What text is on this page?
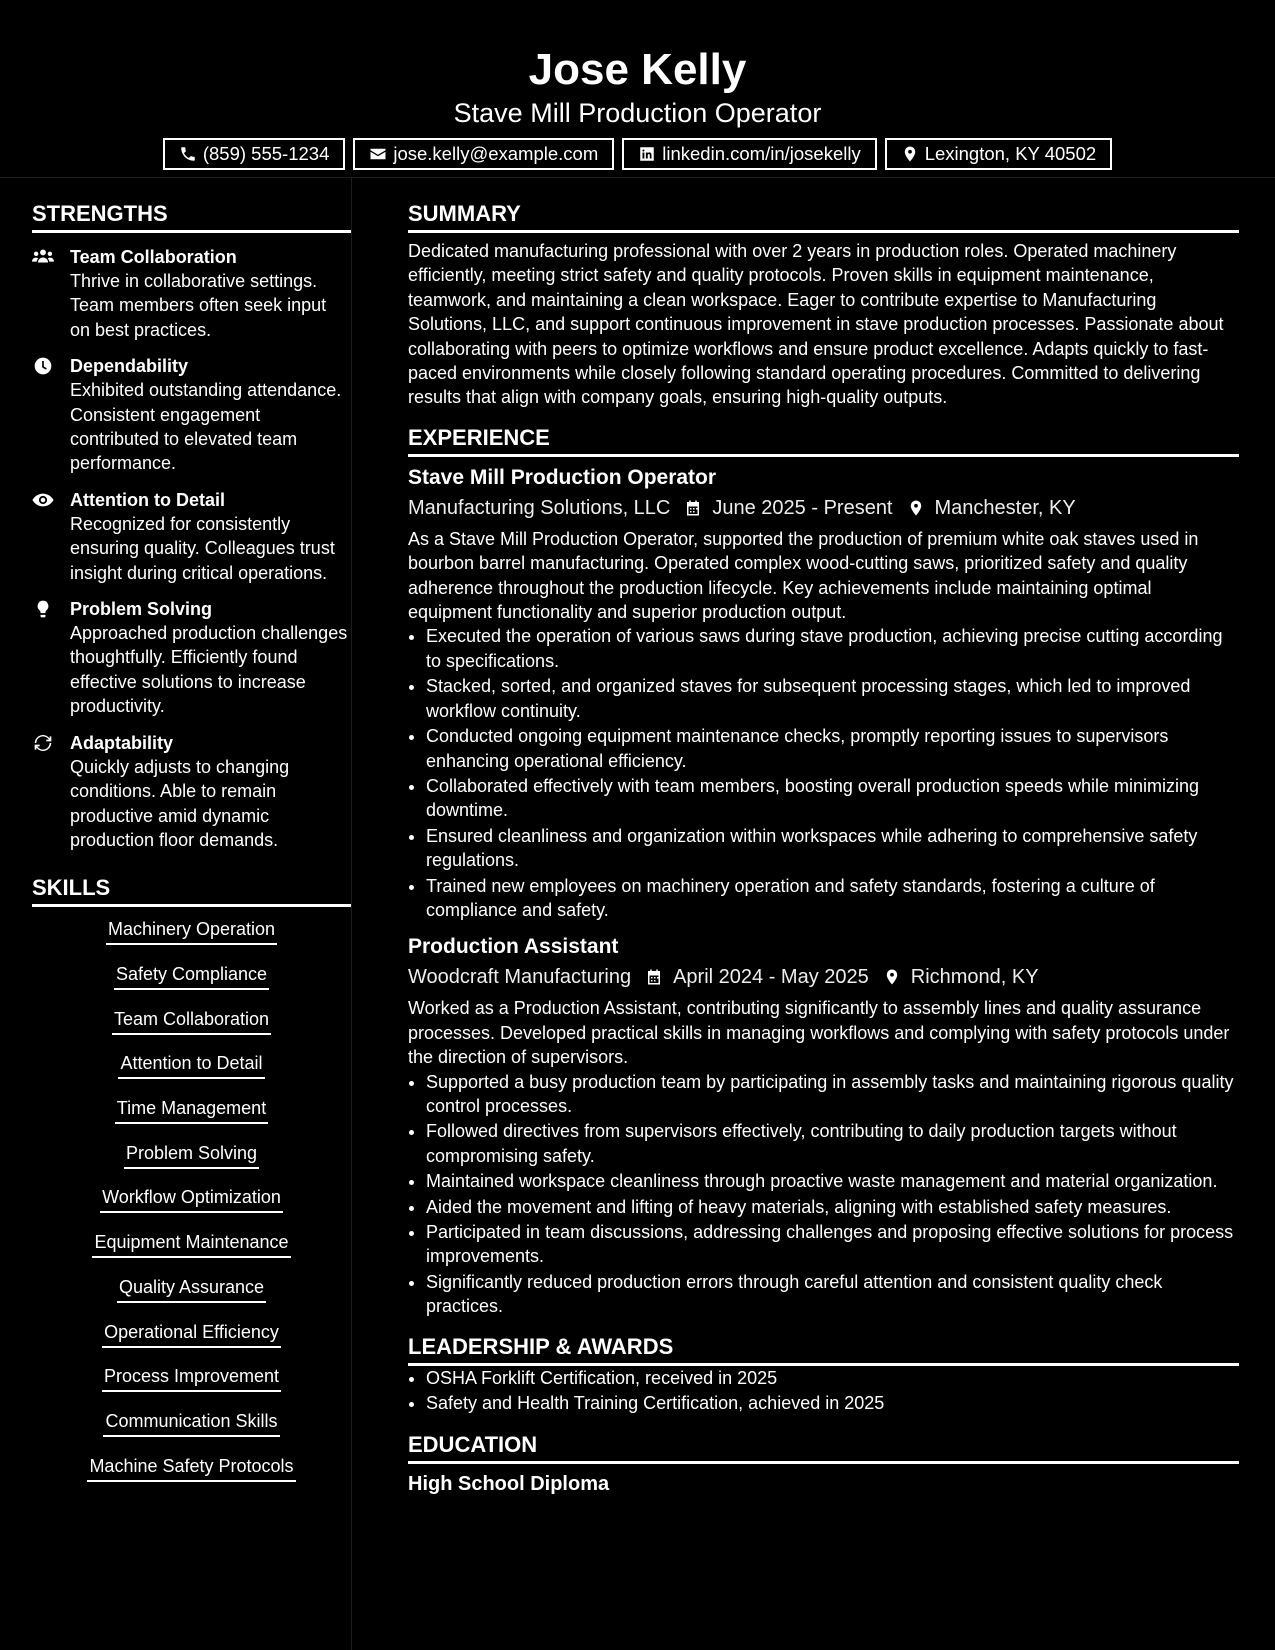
Jose Kelly
Stave Mill Production Operator
(859) 555-1234	jose.kelly@example.com	linkedin.com/in/josekelly	Lexington, KY 40502
STRENGTHS
Team Collaboration
Thrive in collaborative settings. Team members often seek input on best practices.
Dependability
Exhibited outstanding attendance. Consistent engagement contributed to elevated team performance.
Attention to Detail
Recognized for consistently ensuring quality. Colleagues trust insight during critical operations.
Problem Solving
Approached production challenges thoughtfully. Efficiently found effective solutions to increase productivity.
Adaptability
Quickly adjusts to changing conditions. Able to remain productive amid dynamic production floor demands.
SKILLS
Machinery Operation
Safety Compliance
Team Collaboration
Attention to Detail
Time Management
Problem Solving
Workflow Optimization
Equipment Maintenance
Quality Assurance
Operational Efficiency
Process Improvement
Communication Skills
Machine Safety Protocols
SUMMARY
Dedicated manufacturing professional with over 2 years in production roles. Operated machinery efficiently, meeting strict safety and quality protocols. Proven skills in equipment maintenance, teamwork, and maintaining a clean workspace. Eager to contribute expertise to Manufacturing Solutions, LLC, and support continuous improvement in stave production processes. Passionate about collaborating with peers to optimize workflows and ensure product excellence. Adapts quickly to fast-paced environments while closely following standard operating procedures. Committed to delivering results that align with company goals, ensuring high-quality outputs.
EXPERIENCE
Stave Mill Production Operator
Manufacturing Solutions, LLC June 2025 - Present Manchester, KY
As a Stave Mill Production Operator, supported the production of premium white oak staves used in bourbon barrel manufacturing. Operated complex wood-cutting saws, prioritized safety and quality adherence throughout the production lifecycle. Key achievements include maintaining optimal equipment functionality and superior production output.
• Executed the operation of various saws during stave production, achieving precise cutting according to specifications.
• Stacked, sorted, and organized staves for subsequent processing stages, which led to improved workflow continuity.
• Conducted ongoing equipment maintenance checks, promptly reporting issues to supervisors enhancing operational efficiency.
• Collaborated effectively with team members, boosting overall production speeds while minimizing downtime.
• Ensured cleanliness and organization within workspaces while adhering to comprehensive safety regulations.
• Trained new employees on machinery operation and safety standards, fostering a culture of compliance and safety.
Production Assistant
Woodcraft Manufacturing April 2024 - May 2025 Richmond, KY
Worked as a Production Assistant, contributing significantly to assembly lines and quality assurance processes. Developed practical skills in managing workflows and complying with safety protocols under the direction of supervisors.
• Supported a busy production team by participating in assembly tasks and maintaining rigorous quality control processes.
• Followed directives from supervisors effectively, contributing to daily production targets without compromising safety.
• Maintained workspace cleanliness through proactive waste management and material organization.
• Aided the movement and lifting of heavy materials, aligning with established safety measures.
• Participated in team discussions, addressing challenges and proposing effective solutions for process improvements.
• Significantly reduced production errors through careful attention and consistent quality check practices.
LEADERSHIP & AWARDS
• OSHA Forklift Certification, received in 2025
• Safety and Health Training Certification, achieved in 2025
EDUCATION
High School Diploma
